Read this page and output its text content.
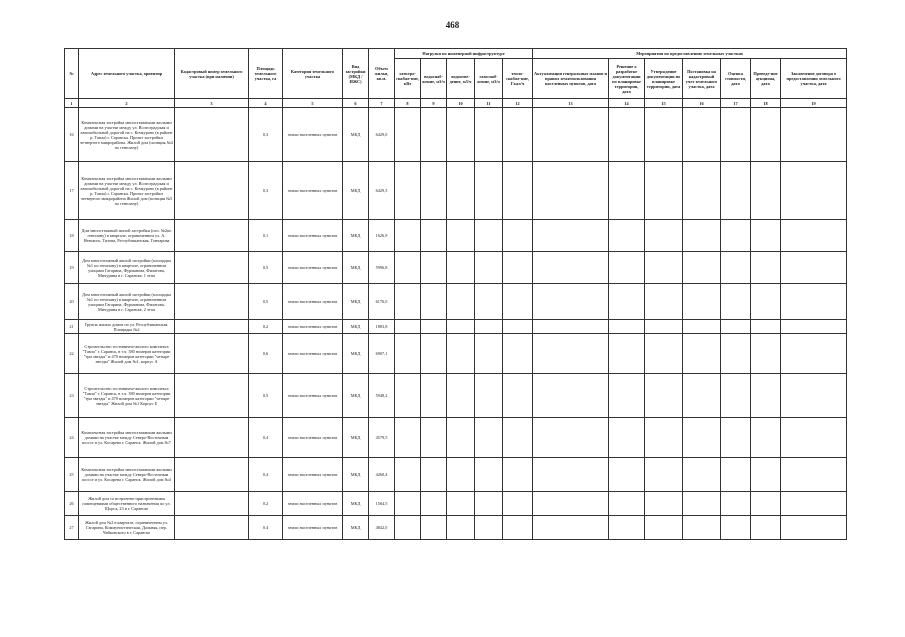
468
№	Адрес земельного участка, ориентир	Кадастровый номер земельного участка (при наличии)	Площадь земельного участка, га	Категория земельного участка	Вид застройки (МКД / ИЖС)	Объем жилья, кв.м.	Нагрузки по инженерной инфраструктуре					Мероприятия по предоставлению земельных участков						
							электро-снабже-ние, кВт	водоснаб-жение, м3/ч	водоотве-дение, м3/ч	газоснаб-жение, м3/ч	тепло-снабже-ние, Гкал/ч	Актуализация генеральных планов и правил землепользования населенных пунктов, дата	Решение о разработке документации по планировке территории, дата	Утверждение документации по планировке территории, дата	Постановка на кадастровый учет земельного участка, дата	Оценка стоимости, дата	Проведе-ние аукциона, дата	Заключение договора о предоставлении земельного участка, дата
1	2	3	4	5	6	7	8	9	10	11	12	13	14	15	16	17	18	19
16	Комплексная застройка многоэтажными жилыми домами на участке между ул. Волгоградская и автомобильной дорогой на с. Кочкурово (в районе р. Тавла) г. Саранска. Проект застройки четвертого микрорайона. Жилой дом (позиция №4 по генплану)		0,3	земли населенных пунктов	МКД	6429,0												
17	Комплексная застройка многоэтажными жилыми домами на участке между ул. Волгоградская и автомобильной дорогой на с. Кочкурово (в районе р. Тавла) г. Саранска. Проект застройки четвертого микрорайона Жилой дом (позиция №5 по генплану)		0,3	земли населенных пунктов	МКД	6429,3												
18	Дом многоэтажный жилой застройки (поз. №2по генплану) в квартале, ограниченном ул. А. Невского, Титова, Республиканская, Гончарова		0,1	земли населенных пунктов	МКД	1626,9												
19	Дом многоэтажный жилой застройки (площадка №1 по генплану) в квартале, ограниченном улицами Гагарина, Фурманова, Филатова, Мичурина в г. Саранске, 1 этап		0,5	земли населенных пунктов	МКД	5996,8												
20	Дом многоэтажный жилой застройки (площадка №1 по генплану) в квартале, ограниченном улицами Гагарина, Фурманова, Филатова, Мичурина в г. Саранске, 2 этап		0,5	земли населенных пунктов	МКД	6176,0												
21	Группа жилых домов по ул. Республиканская. Площадка №2		0,2	земли населенных пунктов	МКД	1883,8												
22	Строительство гостинично-жилого комплекса "Тавла" г. Саранск, в т.ч. 380 номеров категории "три звезды" и 470 номеров категории "четыре звезды" Жилой дом №1, корпус А		0,6	земли населенных пунктов	МКД	6907,1												
23	Строительство гостинично-жилого комплекса "Тавла" г. Саранск, в т.ч. 380 номеров категории "три звезды" и 470 номеров категории "четыре звезды" Жилой дом №1 Корпус Б		0,5	земли населенных пунктов	МКД	5948,2												
24	Комплексная застройка многоэтажными жилыми домами на участке между Северо-Восточным шоссе и ул. Косарева г. Саранск. Жилой дом №7		0,4	земли населенных пунктов	МКД	4579,5												
25	Комплексная застройка многоэтажными жилыми домами на участке между Северо-Восточным шоссе и ул. Косарева г. Саранск. Жилой дом №4		0,4	земли населенных пунктов	МКД	4260,4												
26	Жилой дом со встроенно-пристроенными помещениями общественного назначения по ул. Щорса, 23 в г. Саранске		0,2	земли населенных пунктов	МКД	1564,5												
27	Жилой дом №2 в квартале, ограниченном ул. Гагарина, Коммунистическая, Дальняя, пер. Чайковского в г. Саранске		0,4	земли населенных пунктов	МКД	4842,0												
